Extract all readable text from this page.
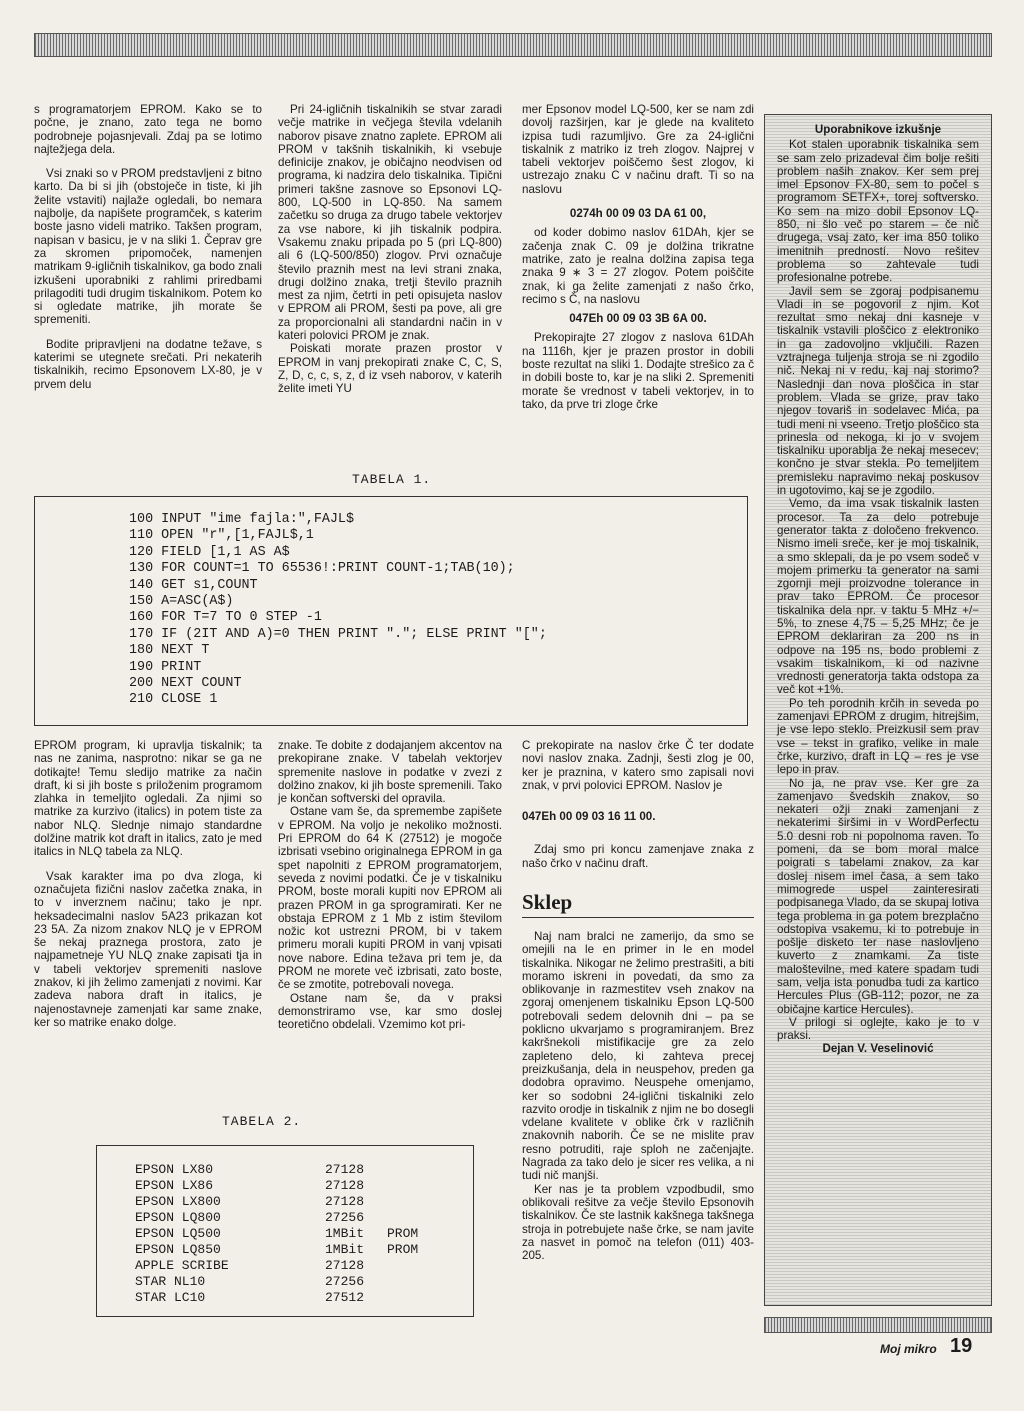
s programatorjem EPROM. Kako se to počne, je znano, zato tega ne bomo podrobneje pojasnjevali. Zdaj pa se lotimo najtežjega dela.

Vsi znaki so v PROM predstavljeni z bitno karto. Da bi si jih (obstoječe in tiste, ki jih želite vstaviti) najlaže ogledali, bo nemara najbolje, da napišete programček, s katerim boste jasno videli matriko. Takšen program, napisan v basicu, je v na sliki 1. Čeprav gre za skromen pripomoček, namenjen matrikam 9-igličnih tiskalnikov, ga bodo znali izkušeni uporabniki z rahlimi priredbami prilagoditi tudi drugim tiskalnikom. Potem ko si ogledate matrike, jih morate še spremeniti.

Bodite pripravljeni na dodatne težave, s katerimi se utegnete srečati. Pri nekaterih tiskalnikih, recimo Epsonovem LX-80, je v prvem delu

Pri 24-igličnih tiskalnikih se stvar zaradi večje matrike in večjega števila vdelanih naborov pisave znatno zaplete. EPROM ali PROM v takšnih tiskalnikih, ki vsebuje definicije znakov, je običajno neodvisen od programa, ki nadzira delo tiskalnika. Tipični primeri takšne zasnove so Epsonovi LQ-800, LQ-500 in LQ-850. Na samem začetku so druga za drugo tabele vektorjev za vse nabore, ki jih tiskalnik podpira. Vsakemu znaku pripada po 5 (pri LQ-800) ali 6 (LQ-500/850) zlogov. Prvi označuje število praznih mest na levi strani znaka, drugi dolžino znaka, tretji število praznih mest za njim, četrti in peti opisujeta naslov v EPROM ali PROM, šesti pa pove, ali gre za proporcionalni ali standardni način in v kateri polovici PROM je znak.

Poiskati morate prazen prostor v EPROM in vanj prekopirati znake C, C, S, Z, D, c, c, s, z, d iz vseh naborov, v katerih želite imeti YU

mer Epsonov model LQ-500, ker se nam zdi dovolj razširjen, kar je glede na kvaliteto izpisa tudi razumljivo. Gre za 24-iglični tiskalnik z matriko iz treh zlogov. Najprej v tabeli vektorjev poiščemo šest zlogov, ki ustrezajo znaku C v načinu draft. Ti so na naslovu

0274h 00 09 03 DA 61 00,

od koder dobimo naslov 61DAh, kjer se začenja znak C. 09 je dolžina trikratne matrike, zato je realna dolžina zapisa tega znaka 9 ∗ 3 = 27 zlogov. Potem poiščite znak, ki ga želite zamenjati z našo črko, recimo s Č, na naslovu

047Eh 00 09 03 3B 6A 00.

Prekopirajte 27 zlogov z naslova 61DAh na 1116h, kjer je prazen prostor in dobili boste rezultat na sliki 1. Dodajte strešico za č in dobili boste to, kar je na sliki 2. Spremeniti morate še vrednost v tabeli vektorjev, in to tako, da prve tri zloge črke

TABELA 1.
100 INPUT "ime fajla:",FAJL$
110 OPEN "r",[1,FAJL$,1
120 FIELD [1,1 AS A$
130 FOR COUNT=1 TO 65536!:PRINT COUNT-1;TAB(10);
140 GET s1,COUNT
150 A=ASC(A$)
160 FOR T=7 TO 0 STEP -1
170 IF (2IT AND A)=0 THEN PRINT "."; ELSE PRINT "[";
180 NEXT T
190 PRINT
200 NEXT COUNT
210 CLOSE 1

EPROM program, ki upravlja tiskalnik; ta nas ne zanima, nasprotno: nikar se ga ne dotikajte! Temu sledijo matrike za način draft, ki si jih boste s priloženim programom zlahka in temeljito ogledali. Za njimi so matrike za kurzivo (italics) in potem tiste za nabor NLQ. Slednje nimajo standardne dolžine matrik kot draft in italics, zato je med italics in NLQ tabela za NLQ.

Vsak karakter ima po dva zloga, ki označujeta fizični naslov začetka znaka, in to v inverznem načinu; tako je npr. heksadecimalni naslov 5A23 prikazan kot 23 5A. Za nizom znakov NLQ je v EPROM še nekaj praznega prostora, zato je najpametneje YU NLQ znake zapisati tja in v tabeli vektorjev spremeniti naslove znakov, ki jih želimo zamenjati z novimi. Kar zadeva nabora draft in italics, je najenostavneje zamenjati kar same znake, ker so matrike enako dolge.

znake. Te dobite z dodajanjem akcentov na prekopirane znake. V tabelah vektorjev spremenite naslove in podatke v zvezi z dolžino znakov, ki jih boste spremenili. Tako je končan softverski del opravila.

Ostane vam še, da spremembe zapišete v EPROM. Na voljo je nekoliko možnosti. Pri EPROM do 64 K (27512) je mogoče izbrisati vsebino originalnega EPROM in ga spet napolniti z EPROM programatorjem, seveda z novimi podatki. Če je v tiskalniku PROM, boste morali kupiti nov EPROM ali prazen PROM in ga sprogramirati. Ker ne obstaja EPROM z 1 Mb z istim številom nožic kot ustrezni PROM, bi v takem primeru morali kupiti PROM in vanj vpisati nove nabore. Edina težava pri tem je, da PROM ne morete več izbrisati, zato boste, če se zmotite, potrebovali novega.

Ostane nam še, da v praksi demonstriramo vse, kar smo doslej teoretično obdelali. Vzemimo kot pri-

C prekopirate na naslov črke Č ter dodate novi naslov znaka. Zadnji, šesti zlog je 00, ker je praznina, v katero smo zapisali novi znak, v prvi polovici EPROM. Naslov je

047Eh 00 09 03 16 11 00.

Zdaj smo pri koncu zamenjave znaka z našo črko v načinu draft.

Sklep

Naj nam bralci ne zamerijo, da smo se omejili na le en primer in le en model tiskalnika. Nikogar ne želimo prestrašiti, a biti moramo iskreni in povedati, da smo za oblikovanje in razmestitev vseh znakov na zgoraj omenjenem tiskalniku Epson LQ-500 potrebovali sedem delovnih dni – pa se poklicno ukvarjamo s programiranjem. Brez kakršnekoli mistifikacije gre za zelo zapleteno delo, ki zahteva precej preizkušanja, dela in neuspehov, preden ga dodobra opravimo. Neuspehe omenjamo, ker so sodobni 24-iglični tiskalniki zelo razvito orodje in tiskalnik z njim ne bo dosegli vdelane kvalitete v oblike črk v različnih znakovnih naborih. Če se ne mislite prav resno potruditi, raje sploh ne začenjajte. Nagrada za tako delo je sicer res velika, a ni tudi nič manjši.

Ker nas je ta problem vzpodbudil, smo oblikovali rešitve za večje število Epsonovih tiskalnikov. Če ste lastnik kakšnega takšnega stroja in potrebujete naše črke, se nam javite za nasvet in pomoč na telefon (011) 403-205.

TABELA 2.
EPSON LX80	27128	
EPSON LX86	27128	
EPSON LX800	27128	
EPSON LQ800	27256	
EPSON LQ500	1MBit	PROM
EPSON LQ850	1MBit	PROM
APPLE SCRIBE	27128	
STAR NL10	27256	
STAR LC10	27512	
Uporabnikove izkušnje

Kot stalen uporabnik tiskalnika sem se sam zelo prizadeval čim bolje rešiti problem naših znakov. Ker sem prej imel Epsonov FX-80, sem to počel s programom SETFX+, torej softversko. Ko sem na mizo dobil Epsonov LQ-850, ni šlo več po starem – če nič drugega, vsaj zato, ker ima 850 toliko imenitnih predností. Novo rešitev problema so zahtevale tudi profesionalne potrebe.

Javil sem se zgoraj podpisanemu Vladi in se pogovoril z njim. Kot rezultat smo nekaj dni kasneje v tiskalnik vstavili ploščico z elektroniko in ga zadovoljno vključili. Razen vztrajnega tuljenja stroja se ni zgodilo nič. Nekaj ni v redu, kaj naj storimo? Naslednji dan nova ploščica in star problem. Vlada se grize, prav tako njegov tovariš in sodelavec Mića, pa tudi meni ni vseeno. Tretjo ploščico sta prinesla od nekoga, ki jo v svojem tiskalniku uporablja že nekaj mesecev; končno je stvar stekla. Po temeljitem premisleku napravimo nekaj poskusov in ugotovimo, kaj se je zgodilo.

Vemo, da ima vsak tiskalnik lasten procesor. Ta za delo potrebuje generator takta z določeno frekvenco. Nismo imeli sreče, ker je moj tiskalnik, a smo sklepali, da je po vsem sodeč v mojem primerku ta generator na sami zgornji meji proizvodne tolerance in prav tako EPROM. Če procesor tiskalnika dela npr. v taktu 5 MHz +/− 5%, to znese 4,75 – 5,25 MHz; če je EPROM deklariran za 200 ns in odpove na 195 ns, bodo problemi z vsakim tiskalnikom, ki od nazivne vrednosti generatorja takta odstopa za več kot +1%.

Po teh porodnih krčih in sevedа po zamenjavi EPROM z drugim, hitrejšim, je vse lepo steklo. Preizkusil sem prav vse – tekst in grafiko, velike in male črke, kurzivo, draft in LQ – res je vse lepo in prav.

No ja, ne prav vse. Ker gre za zamenjavo švedskih znakov, so nekateri ožji znaki zamenjani z nekaterimi širšimi in v WordPerfectu 5.0 desni rob ni popolnoma raven. To pomeni, da se bom moral malce poigrati s tabelami znakov, za kar doslej nisem imel časa, a sem tako mimogrede uspel zainteresirati podpisanega Vlado, da se skupaj lotiva tega problema in ga potem brezplačno odstopiva vsakemu, ki to potrebuje in pošlje disketo ter nase naslovljeno kuverto z znamkami. Za tiste maloštevilne, med katere spadam tudi sam, velja ista ponudba tudi za kartico Hercules Plus (GB-112; pozor, ne za običajne kartice Hercules).

V prilogi si oglejte, kako je to v praksi.

Dejan V. Veselinović

Moj mikro 19
